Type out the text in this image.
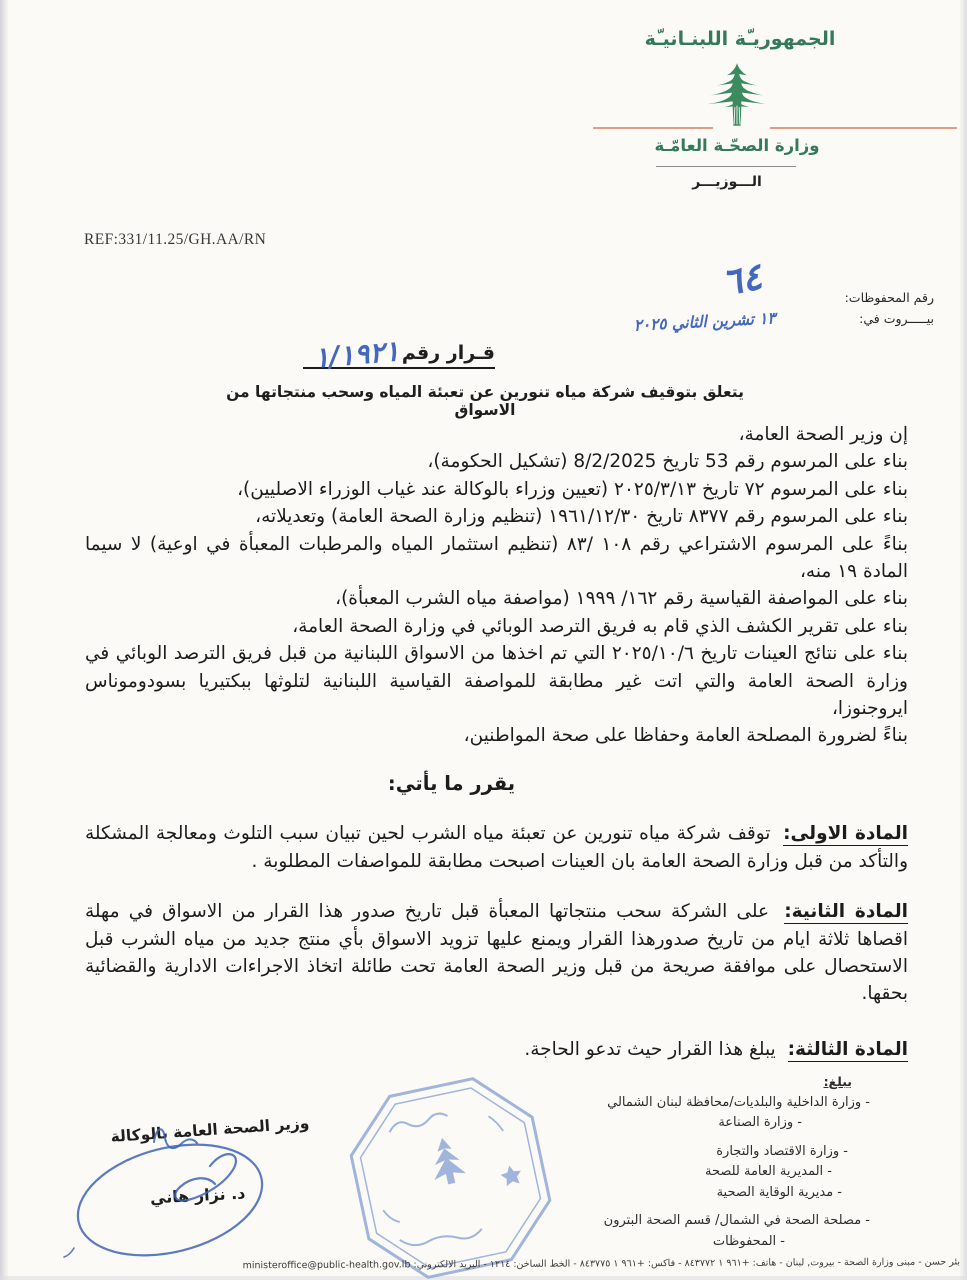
الجمهوريـّة اللبنـانيـّة
وزارة الصحّـة العامّـة
الـــوزيـــر
REF:331/11.25/GH.AA/RN
رقم المحفوظات:
بيـــــروت في:
٦٤
١٣ تشرين الثاني ٢٠٢٥
قـرار رقم
١/١٩٢١
يتعلق بتوقيف شركة مياه تنورين عن تعبئة المياه وسحب منتجاتها من الاسواق

إن وزير الصحة العامة،

بناء على المرسوم رقم 53 تاريخ 8/2/2025 (تشكيل الحكومة)،

بناء على المرسوم ٧٢ تاريخ ٢٠٢٥/٣/١٣ (تعيين وزراء بالوكالة عند غياب الوزراء الاصليين)،

بناء على المرسوم رقم ٨٣٧٧ تاريخ ١٩٦١/١٢/٣٠ (تنظيم وزارة الصحة العامة) وتعديلاته،

بناءً على المرسوم الاشتراعي رقم ١٠٨ /٨٣ (تنظيم استثمار المياه والمرطبات المعبأة في اوعية) لا سيما المادة ١٩ منه،

بناء على المواصفة القياسية رقم ١٦٢/ ١٩٩٩ (مواصفة مياه الشرب المعبأة)،

بناء على تقرير الكشف الذي قام به فريق الترصد الوبائي في وزارة الصحة العامة،

بناء على نتائج العينات تاريخ ٢٠٢٥/١٠/٦ التي تم اخذها من الاسواق اللبنانية من قبل فريق الترصد الوبائي في وزارة الصحة العامة والتي اتت غير مطابقة للمواصفة القياسية اللبنانية لتلوثها ببكتيريا بسودوموناس ايروجنوزا،

بناءً لضرورة المصلحة العامة وحفاظا على صحة المواطنين،

يقرر ما يأتي:

المادة الاولى: توقف شركة مياه تنورين عن تعبئة مياه الشرب لحين تبيان سبب التلوث ومعالجة المشكلة والتأكد من قبل وزارة الصحة العامة بان العينات اصبحت مطابقة للمواصفات المطلوبة .

المادة الثانية: على الشركة سحب منتجاتها المعبأة قبل تاريخ صدور هذا القرار من الاسواق في مهلة اقصاها ثلاثة ايام من تاريخ صدورهذا القرار ويمنع عليها تزويد الاسواق بأي منتج جديد من مياه الشرب قبل الاستحصال على موافقة صريحة من قبل وزير الصحة العامة تحت طائلة اتخاذ الاجراءات الادارية والقضائية بحقها.

المادة الثالثة: يبلغ هذا القرار حيث تدعو الحاجة.

يبلغ:
- وزارة الداخلية والبلديات/محافظة لبنان الشمالي
- وزارة الصناعة
- وزارة الاقتصاد والتجارة
- المديرية العامة للصحة
- مديرية الوقاية الصحية
- مصلحة الصحة في الشمال/ قسم الصحة البترون
- المحفوظات
وزير الصحة العامة بالوكالة
د. نزار هاني
بئر حسن - مبنى وزارة الصحة - بيروت, لبنان - هاتف: ‎+٩٦١ ١ ٨٤٣٧٧٢‎ - فاكس: ‎+٩٦١ ١ ٨٤٣٧٧٥‎ - الخط الساخن: ١٢١٤ - البريد الالكتروني: ministeroffice@public-health.gov.lb
